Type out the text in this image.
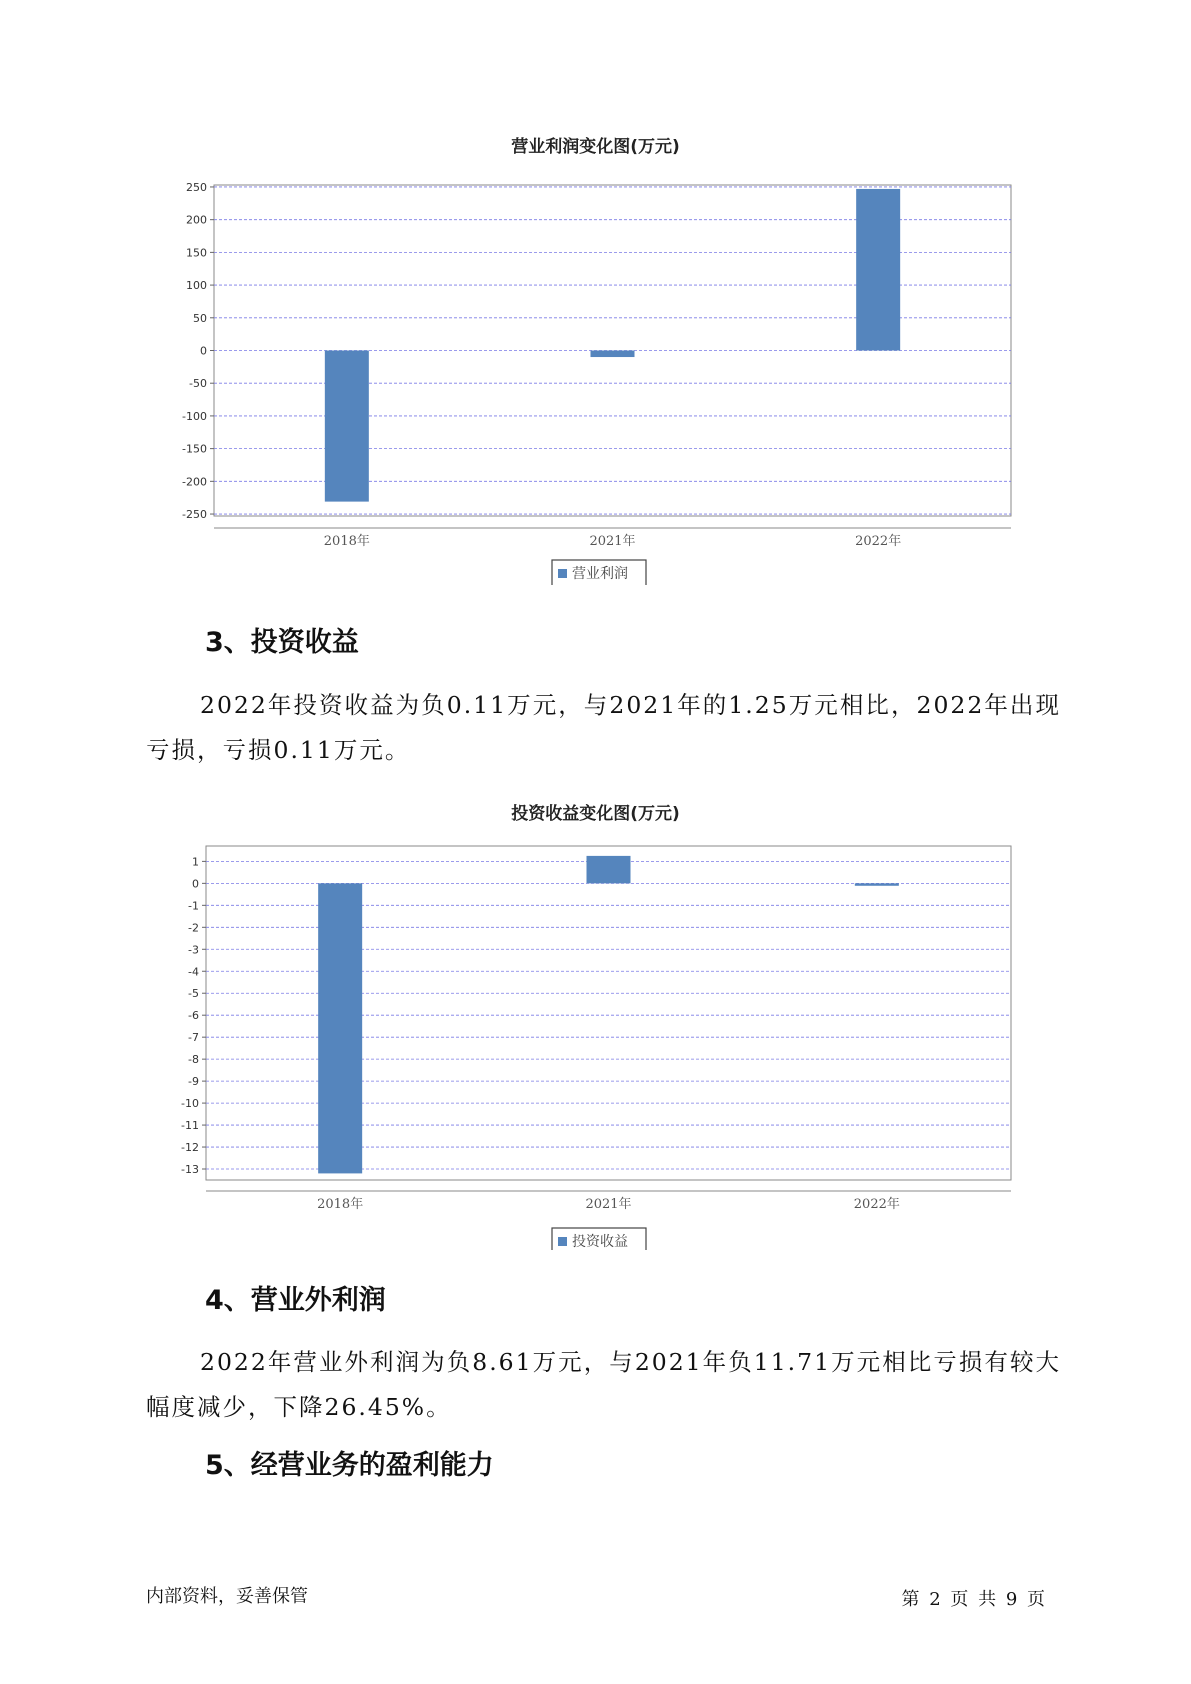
营业利润变化图(万元)
250
200
150
100
50
0
-50
-100
-150
-200
-250
2018年	2021年	2022年
营业利润
3、投资收益

2022年投资收益为负0.11万元，与2021年的1.25万元相比，2022年出现亏损，亏损0.11万元。

投资收益变化图(万元)
1
0
-1
-2
-3
-4
-5
-6
-7
-8
-9
-10
-11
-12
-13
2018年	2021年	2022年
投资收益
4、营业外利润

2022年营业外利润为负8.61万元，与2021年负11.71万元相比亏损有较大幅度减少，下降26.45%。

5、经营业务的盈利能力
内部资料，妥善保管	第 2 页 共 9 页
